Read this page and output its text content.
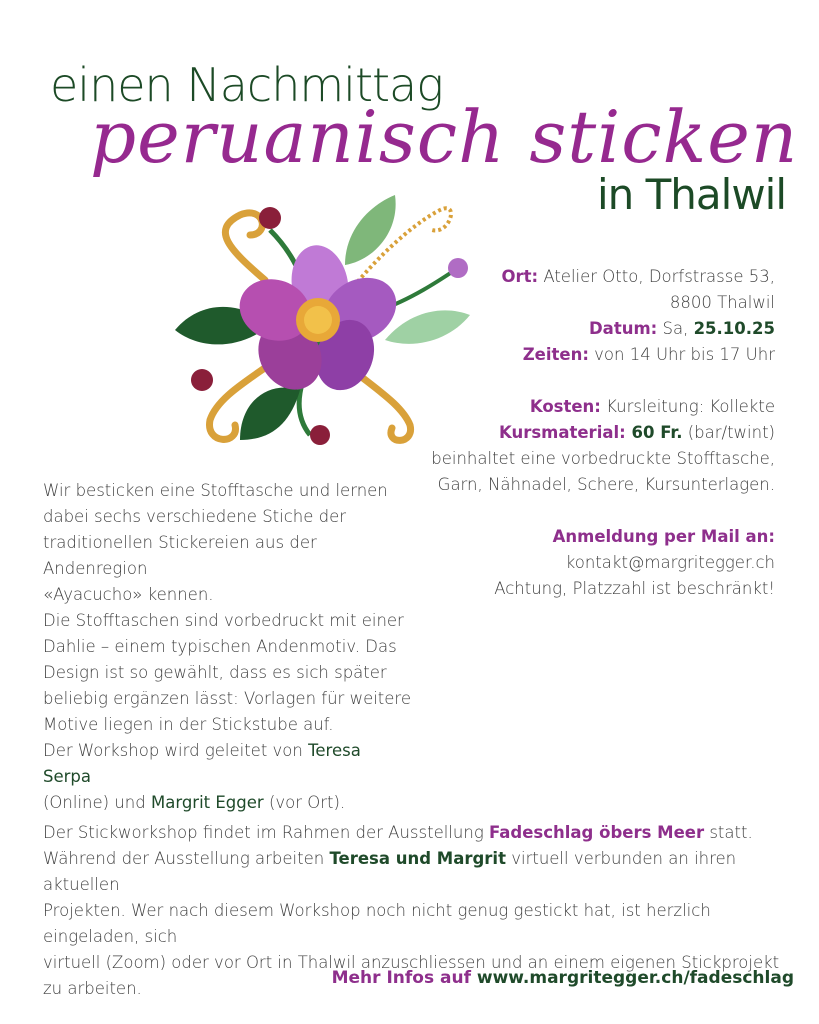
einen Nachmittag
peruanisch sticken
in Thalwil
Ort: Atelier Otto, Dorfstrasse 53,
8800 Thalwil
Datum: Sa, 25.10.25
Zeiten: von 14 Uhr bis 17 Uhr
Kosten: Kursleitung: Kollekte
Kursmaterial: 60 Fr. (bar/twint)
beinhaltet eine vorbedruckte Stofftasche,
Garn, Nähnadel, Schere, Kursunterlagen.
Anmeldung per Mail an:
kontakt@margritegger.ch
Achtung, Platzzahl ist beschränkt!
Wir besticken eine Stofftasche und lernen
dabei sechs verschiedene Stiche der
traditionellen Stickereien aus der Andenregion
«Ayacucho» kennen.
Die Stofftaschen sind vorbedruckt mit einer
Dahlie – einem typischen Andenmotiv. Das
Design ist so gewählt, dass es sich später
beliebig ergänzen lässt: Vorlagen für weitere
Motive liegen in der Stickstube auf.
Der Workshop wird geleitet von Teresa Serpa
(Online) und Margrit Egger (vor Ort).
Der Stickworkshop findet im Rahmen der Ausstellung Fadeschlag öbers Meer statt.
Während der Ausstellung arbeiten Teresa und Margrit virtuell verbunden an ihren aktuellen
Projekten. Wer nach diesem Workshop noch nicht genug gestickt hat, ist herzlich eingeladen, sich
virtuell (Zoom) oder vor Ort in Thalwil anzuschliessen und an einem eigenen Stickprojekt zu arbeiten.
Mehr Infos auf www.margritegger.ch/fadeschlag
